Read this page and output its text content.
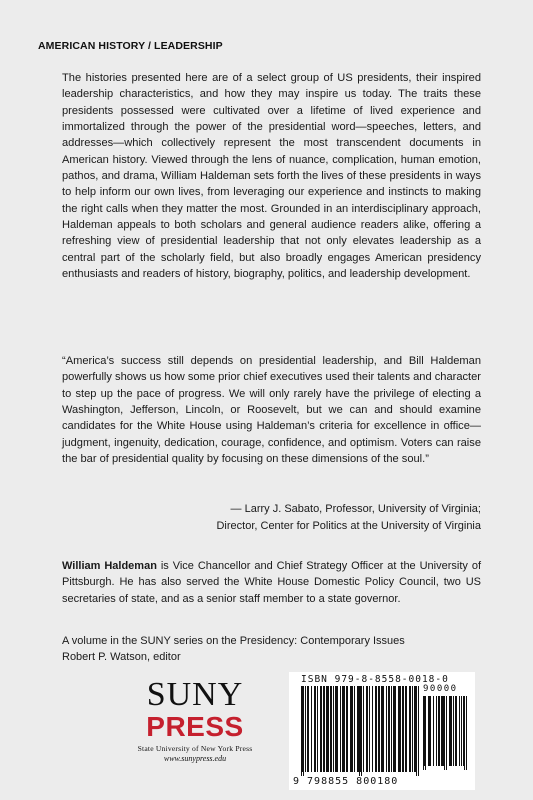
AMERICAN HISTORY / LEADERSHIP

The histories presented here are of a select group of US presidents, their inspired leadership characteristics, and how they may inspire us today. The traits these presidents possessed were cultivated over a lifetime of lived experience and immortalized through the power of the presidential word—speeches, letters, and addresses—which collectively represent the most transcendent documents in American history. Viewed through the lens of nuance, complication, human emotion, pathos, and drama, William Haldeman sets forth the lives of these presidents in ways to help inform our own lives, from leveraging our experience and instincts to making the right calls when they matter the most. Grounded in an interdisciplinary approach, Haldeman appeals to both scholars and general audience readers alike, offering a refreshing view of presidential leadership that not only elevates leadership as a central part of the scholarly field, but also broadly engages American presidency enthusiasts and readers of history, biography, politics, and leadership development.

“America’s success still depends on presidential leadership, and Bill Haldeman powerfully shows us how some prior chief executives used their talents and character to step up the pace of progress. We will only rarely have the privilege of electing a Washington, Jefferson, Lincoln, or Roosevelt, but we can and should examine candidates for the White House using Haldeman’s criteria for excellence in office—judgment, ingenuity, dedication, courage, confidence, and optimism. Voters can raise the bar of presidential quality by focusing on these dimensions of the soul.”

— Larry J. Sabato, Professor, University of Virginia;
Director, Center for Politics at the University of Virginia

William Haldeman is Vice Chancellor and Chief Strategy Officer at the University of Pittsburgh. He has also served the White House Domestic Policy Council, two US secretaries of state, and as a senior staff member to a state governor.

A volume in the SUNY series on the Presidency: Contemporary Issues
Robert P. Watson, editor
SUNY
PRESS
State University of New York Press
www.sunypress.edu
ISBN 979-8-8558-0018-0
90000
9 798855 800180
